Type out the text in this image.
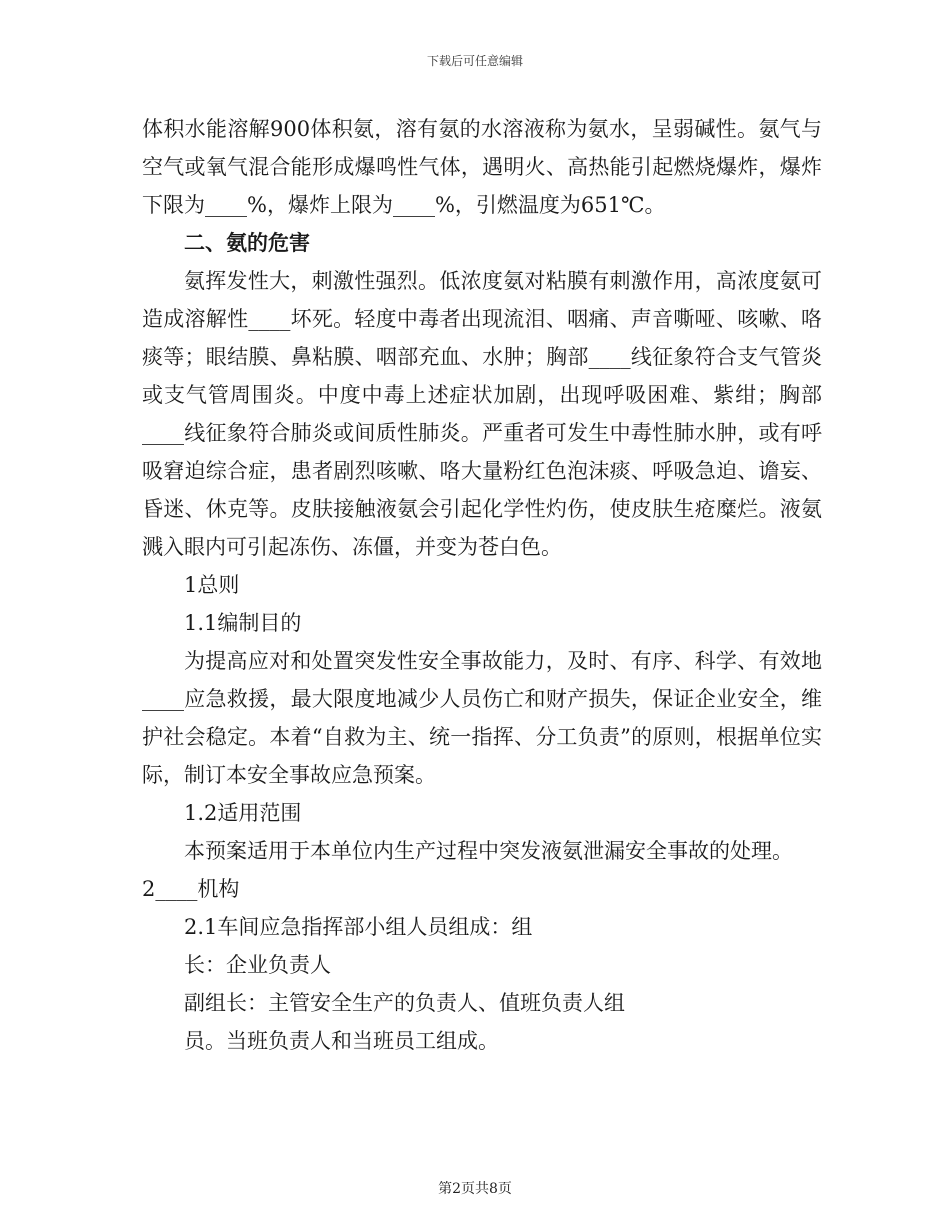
下载后可任意编辑

体积水能溶解900体积氨，溶有氨的水溶液称为氨水，呈弱碱性。氨气与空气或氧气混合能形成爆鸣性气体，遇明火、高热能引起燃烧爆炸，爆炸下限为____%，爆炸上限为____%，引燃温度为651℃。

二、氨的危害

氨挥发性大，刺激性强烈。低浓度氨对粘膜有刺激作用，高浓度氨可造成溶解性____坏死。轻度中毒者出现流泪、咽痛、声音嘶哑、咳嗽、咯痰等；眼结膜、鼻粘膜、咽部充血、水肿；胸部____线征象符合支气管炎或支气管周围炎。中度中毒上述症状加剧，出现呼吸困难、紫绀；胸部____线征象符合肺炎或间质性肺炎。严重者可发生中毒性肺水肿，或有呼吸窘迫综合症，患者剧烈咳嗽、咯大量粉红色泡沫痰、呼吸急迫、谵妄、昏迷、休克等。皮肤接触液氨会引起化学性灼伤，使皮肤生疮糜烂。液氨溅入眼内可引起冻伤、冻僵，并变为苍白色。

1总则

1.1编制目的

为提高应对和处置突发性安全事故能力，及时、有序、科学、有效地____应急救援，最大限度地减少人员伤亡和财产损失，保证企业安全，维护社会稳定。本着“自救为主、统一指挥、分工负责”的原则，根据单位实际，制订本安全事故应急预案。

1.2适用范围

本预案适用于本单位内生产过程中突发液氨泄漏安全事故的处理。

2____机构

2.1车间应急指挥部小组人员组成：组

长：企业负责人

副组长：主管安全生产的负责人、值班负责人组

员。当班负责人和当班员工组成。

第2页共8页
